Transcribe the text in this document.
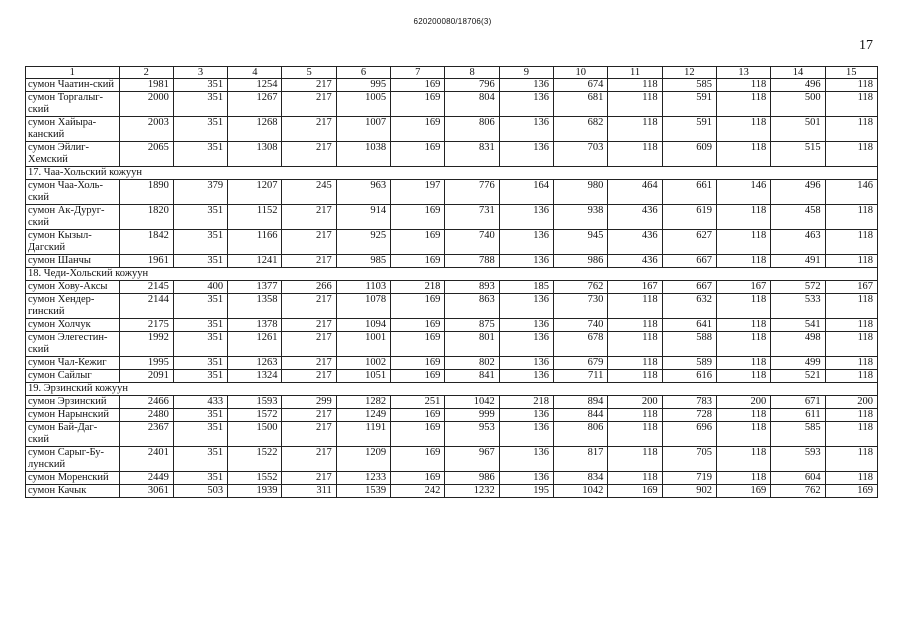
620200080/18706(3)
17
1	2	3	4	5	6	7	8	9	10	11	12	13	14	15
сумон Чаатин-ский	1981	351	1254	217	995	169	796	136	674	118	585	118	496	118
сумон Торгалыг-ский	2000	351	1267	217	1005	169	804	136	681	118	591	118	500	118
сумон Хайыра-канский	2003	351	1268	217	1007	169	806	136	682	118	591	118	501	118
сумон Эйлиг-Хемский	2065	351	1308	217	1038	169	831	136	703	118	609	118	515	118
17. Чаа-Хольский кожуун														
сумон Чаа-Холь-ский	1890	379	1207	245	963	197	776	164	980	464	661	146	496	146
сумон Ак-Дуруг-ский	1820	351	1152	217	914	169	731	136	938	436	619	118	458	118
сумон Кызыл-Дагский	1842	351	1166	217	925	169	740	136	945	436	627	118	463	118
сумон Шанчы	1961	351	1241	217	985	169	788	136	986	436	667	118	491	118
18. Чеди-Хольский кожуун														
сумон Хову-Аксы	2145	400	1377	266	1103	218	893	185	762	167	667	167	572	167
сумон Хендер-гинский	2144	351	1358	217	1078	169	863	136	730	118	632	118	533	118
сумон Холчук	2175	351	1378	217	1094	169	875	136	740	118	641	118	541	118
сумон Элегестин-ский	1992	351	1261	217	1001	169	801	136	678	118	588	118	498	118
сумон Чал-Кежиг	1995	351	1263	217	1002	169	802	136	679	118	589	118	499	118
сумон Сайлыг	2091	351	1324	217	1051	169	841	136	711	118	616	118	521	118
19. Эрзинский кожуун														
сумон Эрзинский	2466	433	1593	299	1282	251	1042	218	894	200	783	200	671	200
сумон Нарынский	2480	351	1572	217	1249	169	999	136	844	118	728	118	611	118
сумон Бай-Даг-ский	2367	351	1500	217	1191	169	953	136	806	118	696	118	585	118
сумон Сарыг-Бу-лунский	2401	351	1522	217	1209	169	967	136	817	118	705	118	593	118
сумон Моренский	2449	351	1552	217	1233	169	986	136	834	118	719	118	604	118
сумон Качык	3061	503	1939	311	1539	242	1232	195	1042	169	902	169	762	169
